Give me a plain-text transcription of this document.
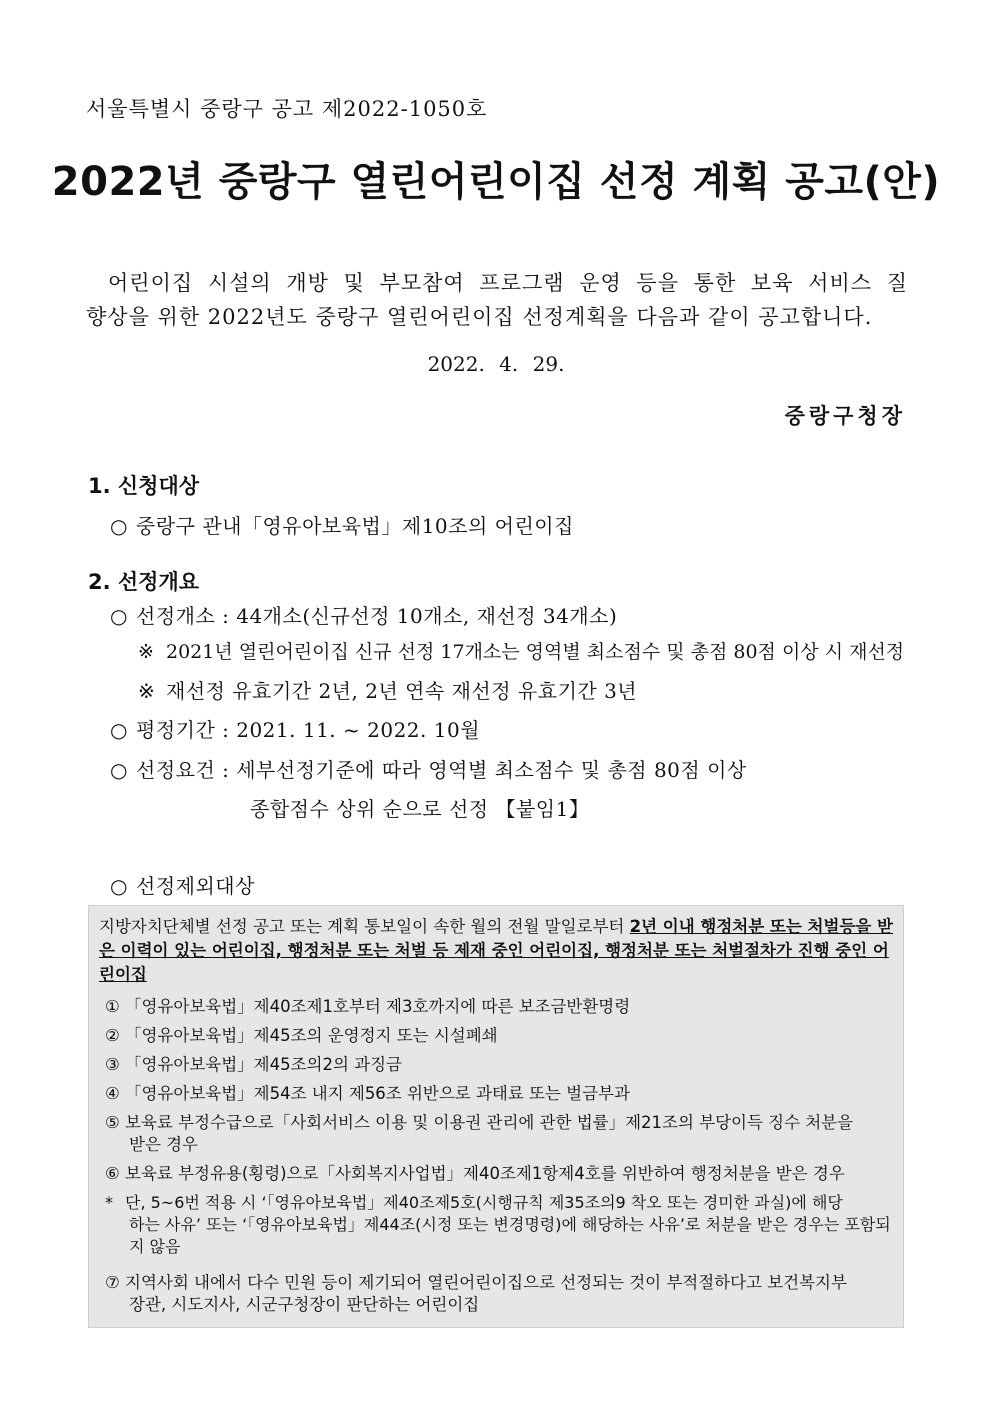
서울특별시 중랑구 공고 제2022-1050호
2022년 중랑구 열린어린이집 선정 계획 공고(안)
어린이집 시설의 개방 및 부모참여 프로그램 운영 등을 통한 보육 서비스 질
향상을 위한 2022년도 중랑구 열린어린이집 선정계획을 다음과 같이 공고합니다.
2022. 4. 29.
중랑구청장
1. 신청대상
○ 중랑구 관내「영유아보육법」제10조의 어린이집
2. 선정개요
○ 선정개소 : 44개소(신규선정 10개소, 재선정 34개소)
※ 2021년 열린어린이집 신규 선정 17개소는 영역별 최소점수 및 총점 80점 이상 시 재선정
※ 재선정 유효기간 2년, 2년 연속 재선정 유효기간 3년
○ 평정기간 : 2021. 11. ~ 2022. 10월
○ 선정요건 : 세부선정기준에 따라 영역별 최소점수 및 총점 80점 이상
종합점수 상위 순으로 선정 【붙임1】
○ 선정제외대상
지방자치단체별 선정 공고 또는 계획 통보일이 속한 월의 전월 말일로부터 2년 이내 행정처분 또는 처벌등을 받은 이력이 있는 어린이집, 행정처분 또는 처벌 등 제재 중인 어린이집, 행정처분 또는 처벌절차가 진행 중인 어린이집
① 「영유아보육법」제40조제1호부터 제3호까지에 따른 보조금반환명령
② 「영유아보육법」제45조의 운영정지 또는 시설폐쇄
③ 「영유아보육법」제45조의2의 과징금
④ 「영유아보육법」제54조 내지 제56조 위반으로 과태료 또는 벌금부과
⑤ 보육료 부정수급으로「사회서비스 이용 및 이용권 관리에 관한 법률」제21조의 부당이득 징수 처분을
받은 경우
⑥ 보육료 부정유용(횡령)으로「사회복지사업법」제40조제1항제4호를 위반하여 행정처분을 받은 경우
* 단, 5~6번 적용 시 ‘「영유아보육법」제40조제5호(시행규칙 제35조의9 착오 또는 경미한 과실)에 해당
하는 사유’ 또는 ‘「영유아보육법」제44조(시정 또는 변경명령)에 해당하는 사유’로 처분을 받은 경우는 포함되지 않음
⑦ 지역사회 내에서 다수 민원 등이 제기되어 열린어린이집으로 선정되는 것이 부적절하다고 보건복지부
장관, 시도지사, 시군구청장이 판단하는 어린이집
